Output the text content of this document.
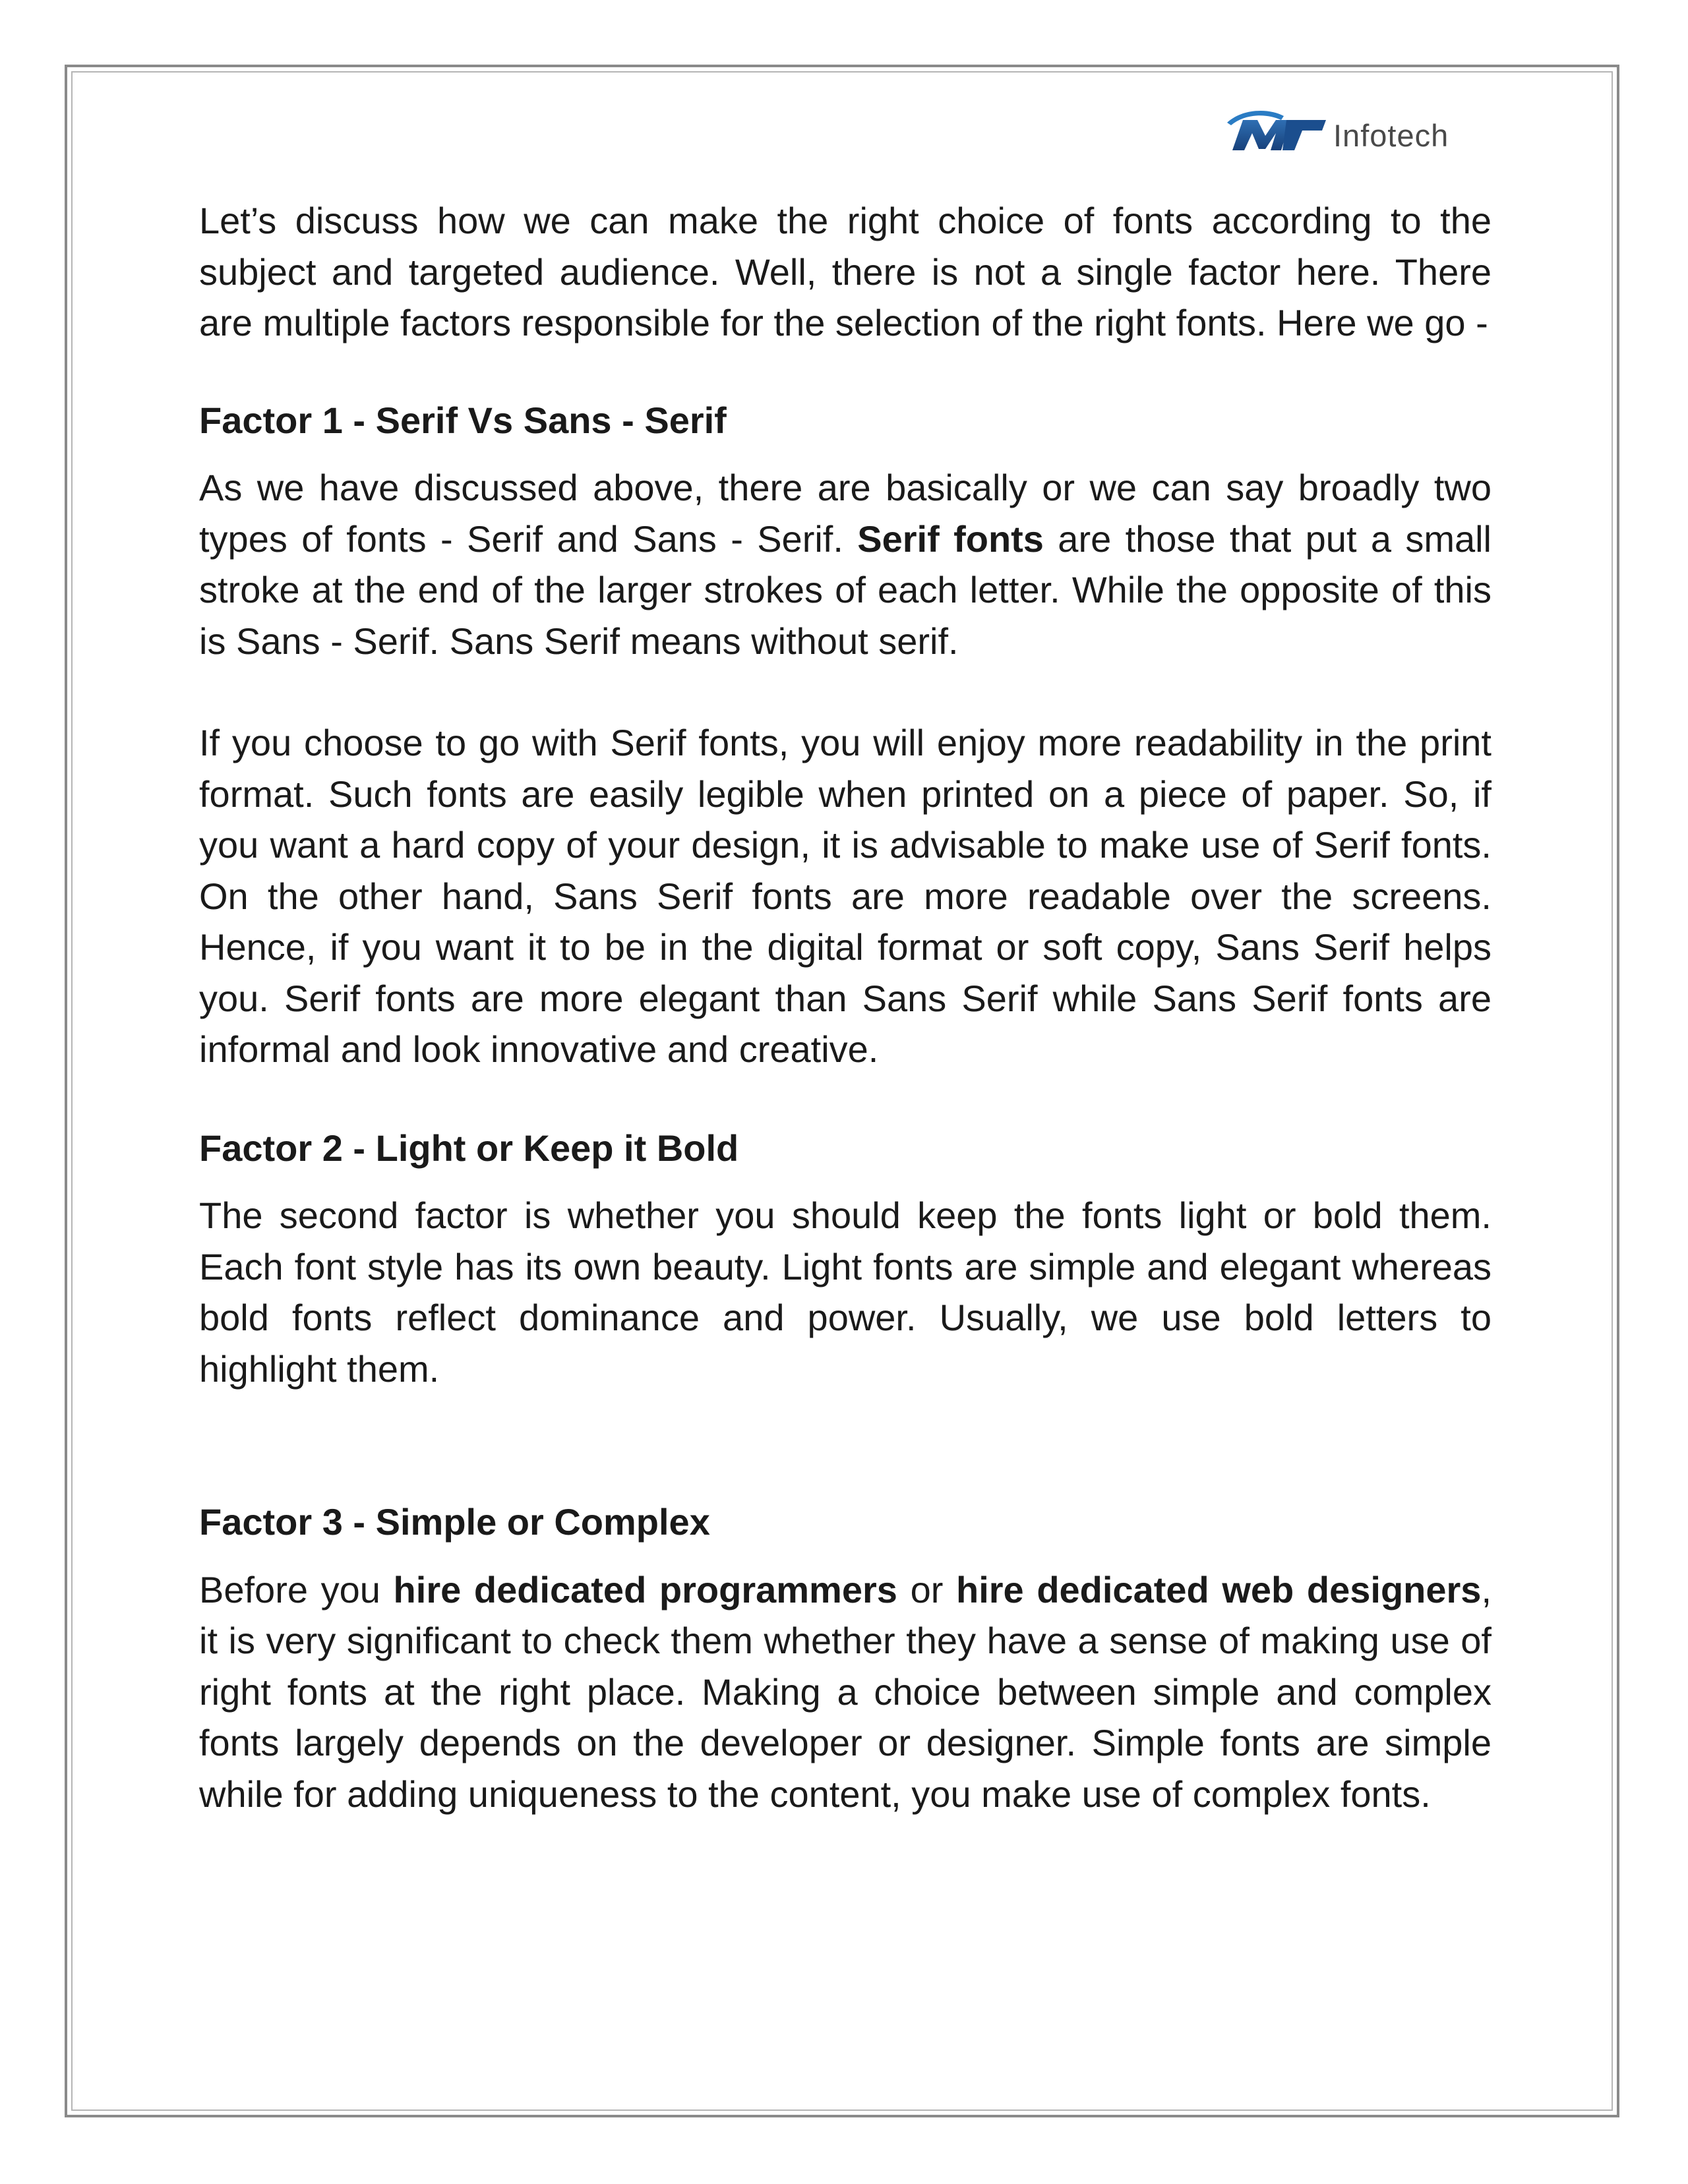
Infotech

Let’s discuss how we can make the right choice of fonts according to the subject and targeted audience. Well, there is not a single factor here. There are multiple factors responsible for the selection of the right fonts. Here we go -

Factor 1 - Serif Vs Sans - Serif

As we have discussed above, there are basically or we can say broadly two types of fonts - Serif and Sans - Serif. Serif fonts are those that put a small stroke at the end of the larger strokes of each letter. While the opposite of this is Sans - Serif. Sans Serif means without serif.

If you choose to go with Serif fonts, you will enjoy more readability in the print format. Such fonts are easily legible when printed on a piece of paper. So, if you want a hard copy of your design, it is advisable to make use of Serif fonts. On the other hand, Sans Serif fonts are more readable over the screens. Hence, if you want it to be in the digital format or soft copy, Sans Serif helps you. Serif fonts are more elegant than Sans Serif while Sans Serif fonts are informal and look innovative and creative.

Factor 2 - Light or Keep it Bold

The second factor is whether you should keep the fonts light or bold them. Each font style has its own beauty. Light fonts are simple and elegant whereas bold fonts reflect dominance and power. Usually, we use bold letters to highlight them.

Factor 3 - Simple or Complex

Before you hire dedicated programmers or hire dedicated web designers, it is very significant to check them whether they have a sense of making use of right fonts at the right place. Making a choice between simple and complex fonts largely depends on the developer or designer. Simple fonts are simple while for adding uniqueness to the content, you make use of complex fonts.
